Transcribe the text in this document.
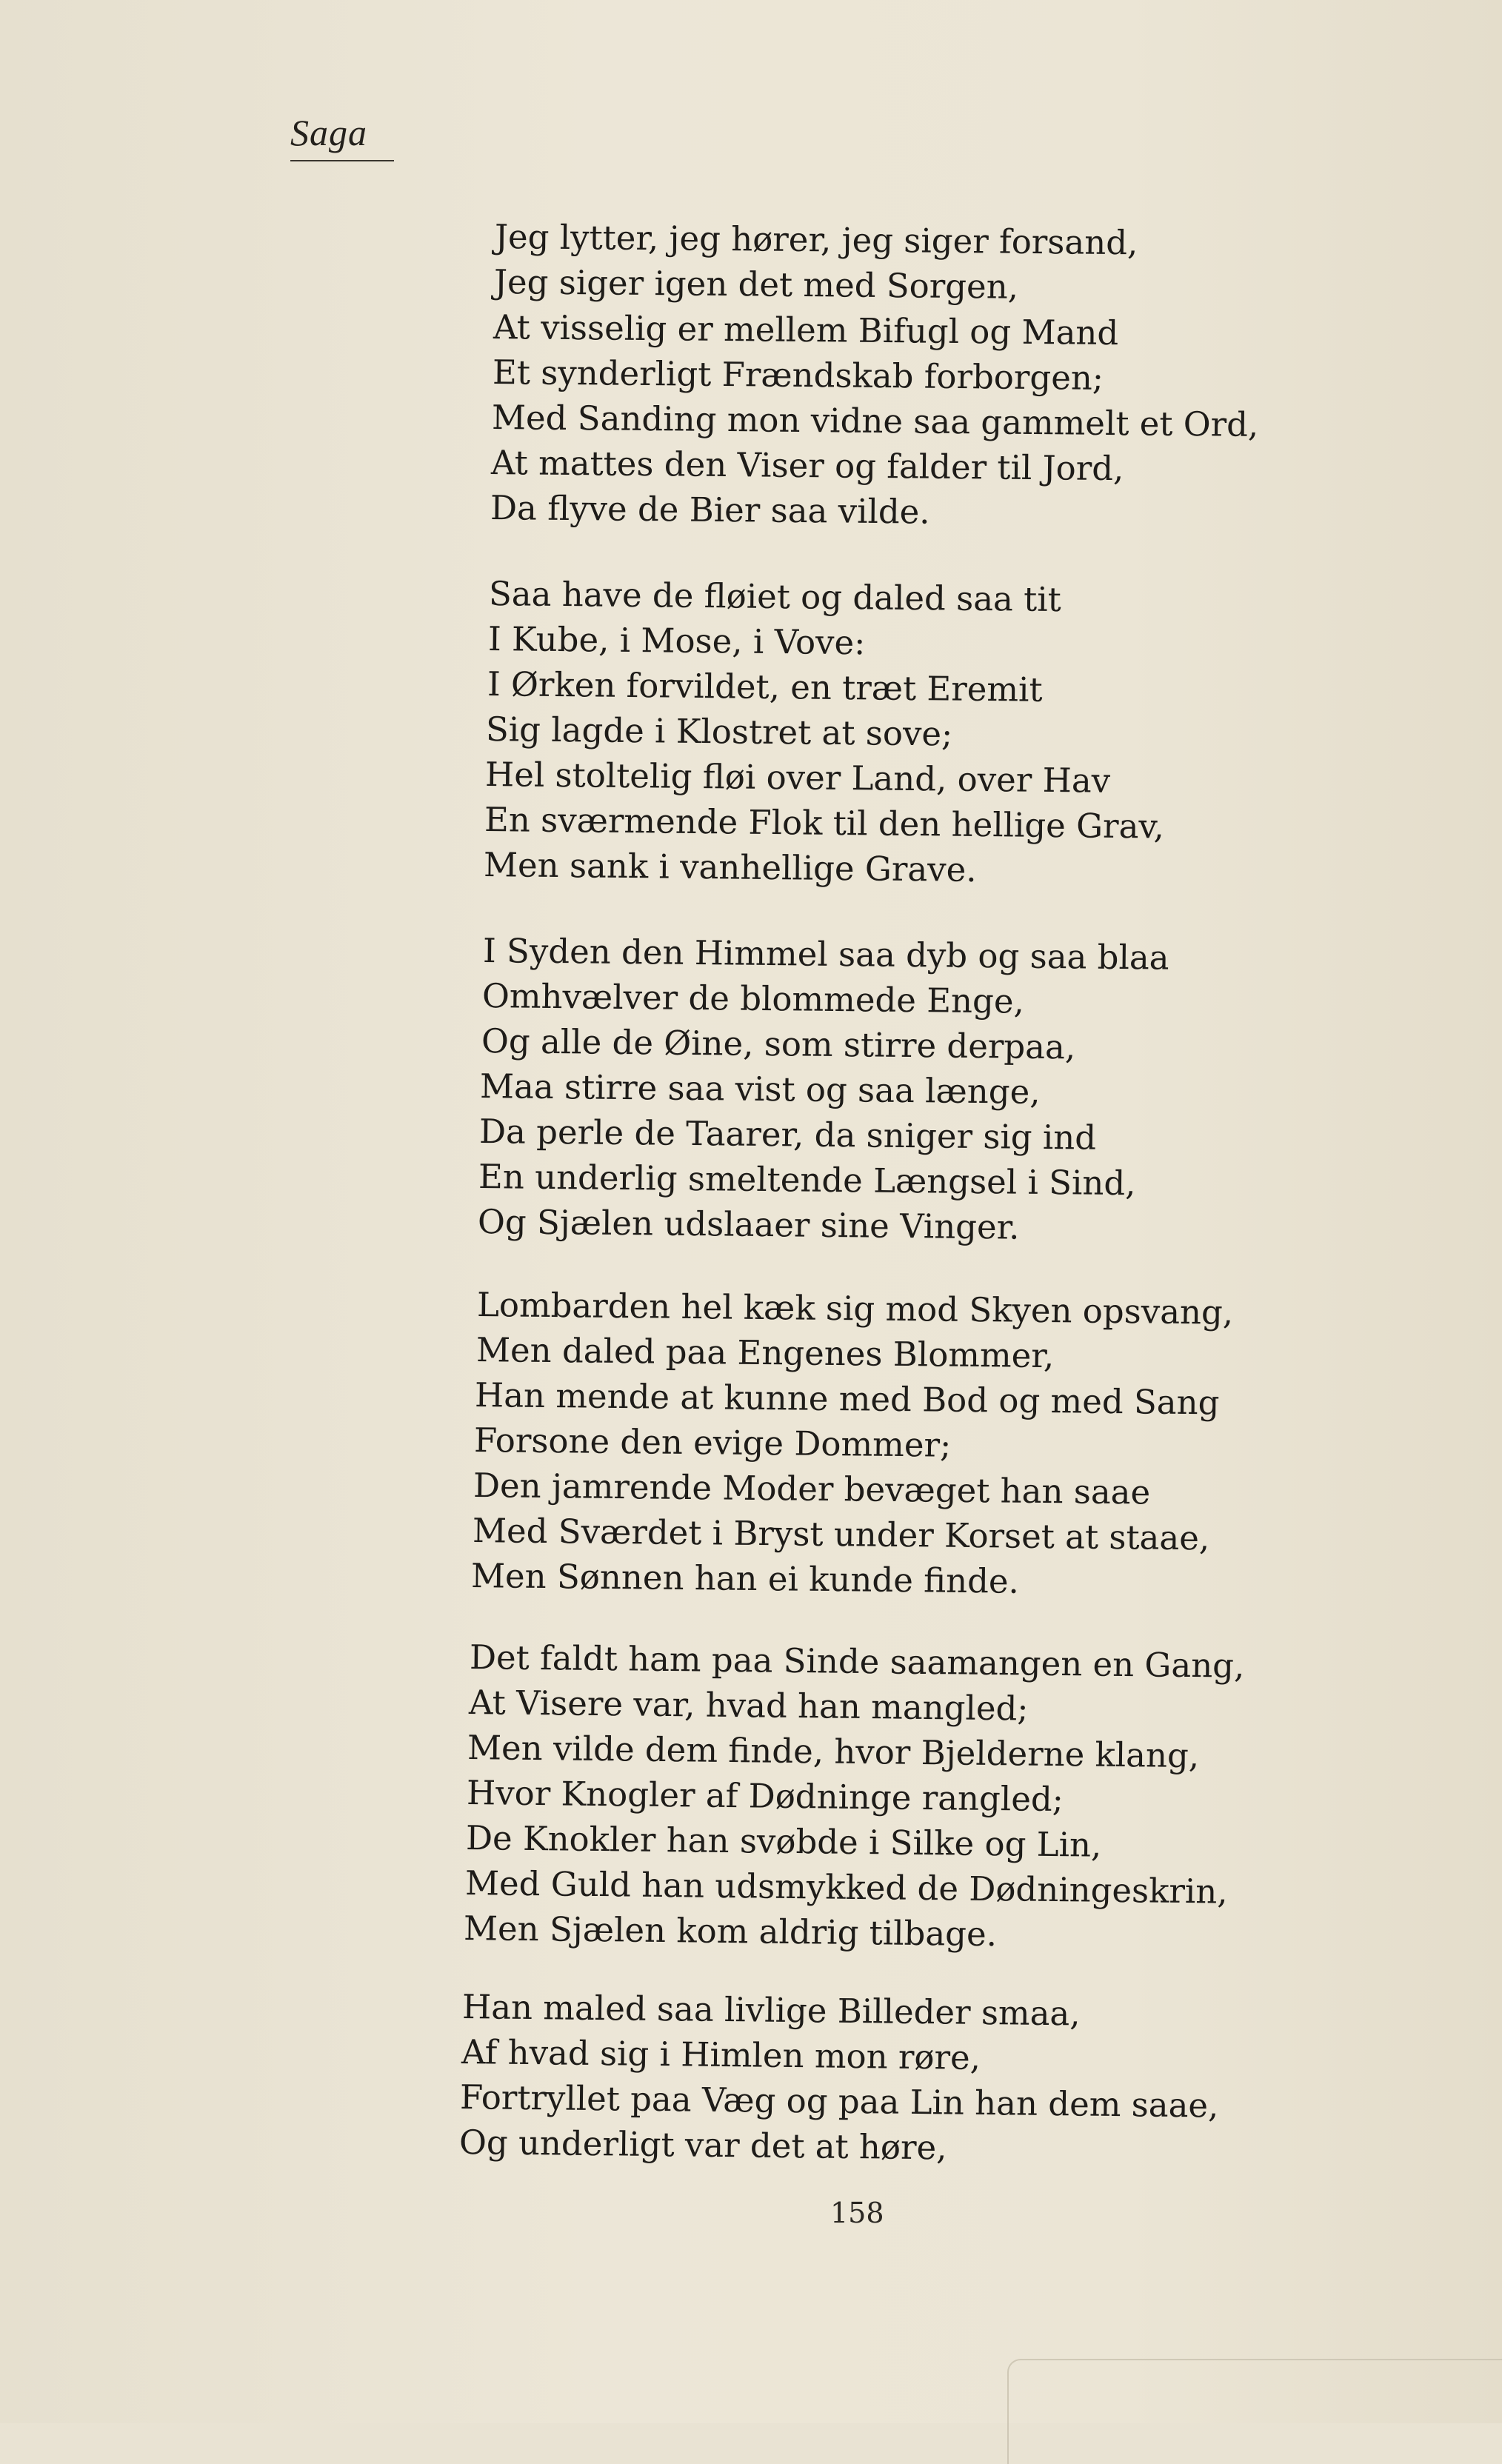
Saga
Jeg lytter, jeg hører, jeg siger forsand,
Jeg siger igen det med Sorgen,
At visselig er mellem Bifugl og Mand
Et synderligt Frændskab forborgen;
Med Sanding mon vidne saa gammelt et Ord,
At mattes den Viser og falder til Jord,
Da flyve de Bier saa vilde.
Saa have de fløiet og daled saa tit
I Kube, i Mose, i Vove:
I Ørken forvildet, en træt Eremit
Sig lagde i Klostret at sove;
Hel stoltelig fløi over Land, over Hav
En sværmende Flok til den hellige Grav,
Men sank i vanhellige Grave.
I Syden den Himmel saa dyb og saa blaa
Omhvælver de blommede Enge,
Og alle de Øine, som stirre derpaa,
Maa stirre saa vist og saa længe,
Da perle de Taarer, da sniger sig ind
En underlig smeltende Længsel i Sind,
Og Sjælen udslaaer sine Vinger.
Lombarden hel kæk sig mod Skyen opsvang,
Men daled paa Engenes Blommer,
Han mende at kunne med Bod og med Sang
Forsone den evige Dommer;
Den jamrende Moder bevæget han saae
Med Sværdet i Bryst under Korset at staae,
Men Sønnen han ei kunde finde.
Det faldt ham paa Sinde saamangen en Gang,
At Visere var, hvad han mangled;
Men vilde dem finde, hvor Bjelderne klang,
Hvor Knogler af Dødninge rangled;
De Knokler han svøbde i Silke og Lin,
Med Guld han udsmykked de Dødningeskrin,
Men Sjælen kom aldrig tilbage.
Han maled saa livlige Billeder smaa,
Af hvad sig i Himlen mon røre,
Fortryllet paa Væg og paa Lin han dem saae,
Og underligt var det at høre,
158
